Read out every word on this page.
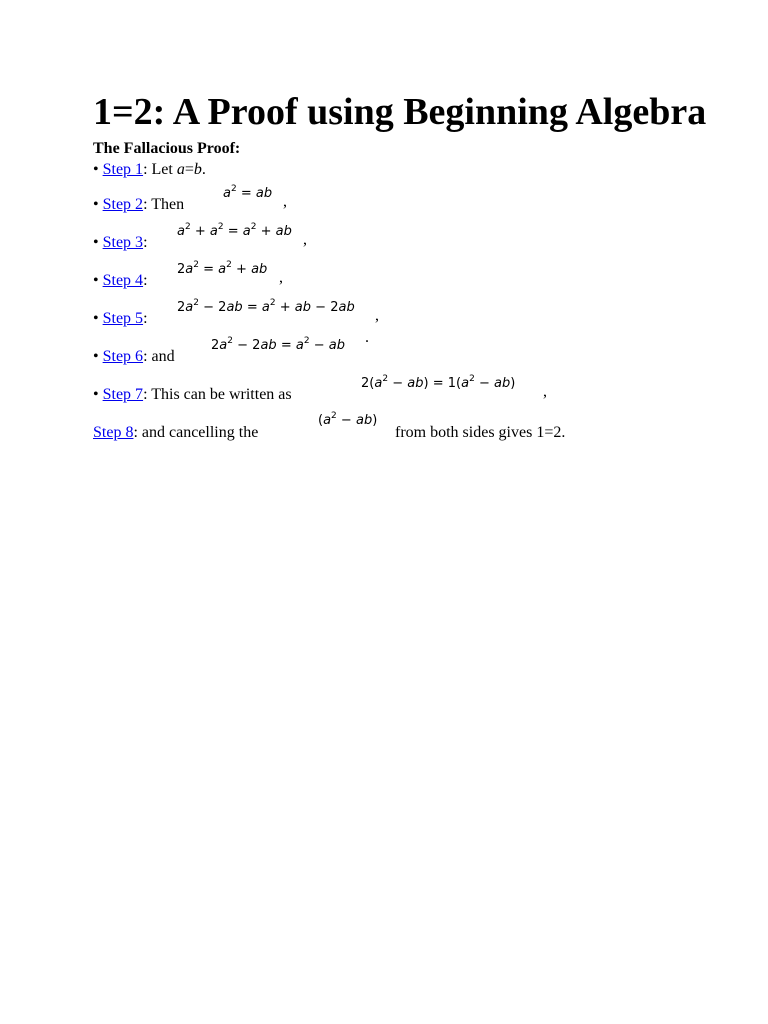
1=2: A Proof using Beginning Algebra
The Fallacious Proof:
• Step 1: Let a=b.
• Step 2: Then
$a^2$ = ab ,
• Step 3:
$a^2 + a^2 = a^2$ + ab ,
• Step 4:
$2a^2 = a^2$ + ab ,
• Step 5:
$2a^2 - 2ab = a^2$ + ab − 2ab ,
• Step 6: and
$2a^2 - 2ab = a^2$ − ab .
• Step 7: This can be written as
$2(a^2 - ab) = 1(a^2 - ab)$ ,
Step 8: and cancelling the
$(a^2 - ab)$
from both sides gives 1=2.
